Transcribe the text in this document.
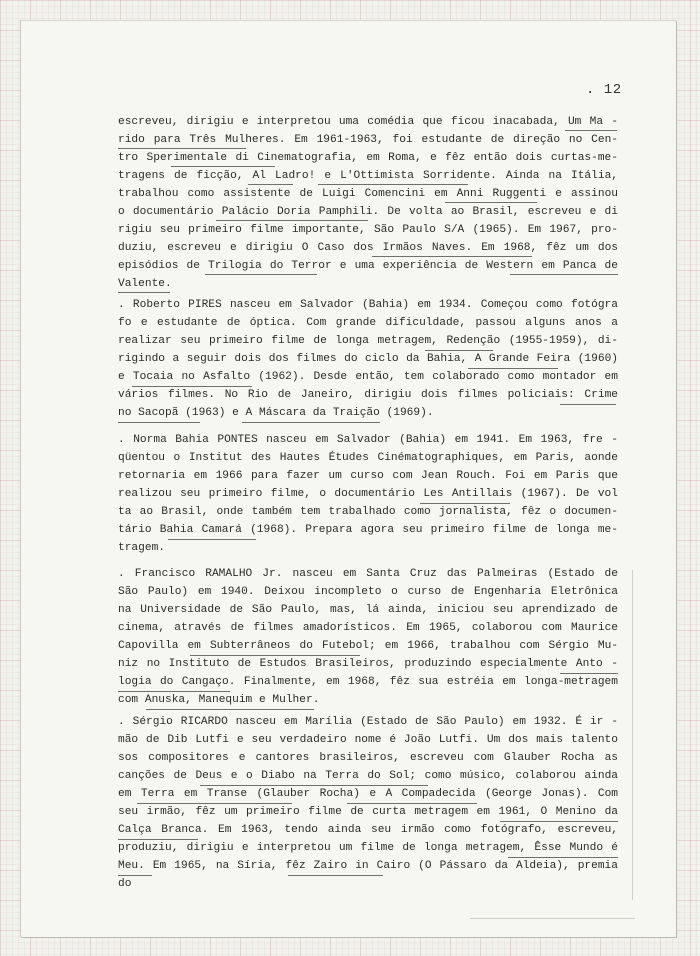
. 12

escreveu, dirigiu e interpretou uma comédia que ficou inacabada, Um Ma -
rido para Três Mulheres. Em 1961-1963, foi estudante de direção no Cen-
tro Sperimentale di Cinematografia, em Roma, e fêz então dois curtas-me-
tragens de ficção, Al Ladro! e L'Ottimista Sorridente. Ainda na Itália,
trabalhou como assistente de Luigi Comencini em Anni Ruggenti e assinou
o documentário Palácio Doria Pamphili. De volta ao Brasil, escreveu e di
rigiu seu primeiro filme importante, São Paulo S/A (1965). Em 1967, pro-
duziu, escreveu e dirigiu O Caso dos Irmãos Naves. Em 1968, fêz um dos
episódios de Trilogia do Terror e uma experiência de Western em Panca de
Valente.
. Roberto PIRES nasceu em Salvador (Bahia) em 1934. Começou como fotógra
fo e estudante de óptica. Com grande dificuldade, passou alguns anos a
realizar seu primeiro filme de longa metragem, Redenção (1955-1959), di-
rigindo a seguir dois dos filmes do ciclo da Bahia, A Grande Feira (1960)
e Tocaia no Asfalto (1962). Desde então, tem colaborado como montador em
vários filmes. No Rio de Janeiro, dirigiu dois filmes policiais: Crime
no Sacopã (1963) e A Máscara da Traição (1969).
. Norma Bahia PONTES nasceu em Salvador (Bahia) em 1941. Em 1963, fre -
qüentou o Institut des Hautes Études Cinématographiques, em Paris, aonde
retornaria em 1966 para fazer um curso com Jean Rouch. Foi em Paris que
realizou seu primeiro filme, o documentário Les Antillais (1967). De vol
ta ao Brasil, onde também tem trabalhado como jornalista, fêz o documen-
tário Bahia Camará (1968). Prepara agora seu primeiro filme de longa me-
tragem.
. Francisco RAMALHO Jr. nasceu em Santa Cruz das Palmeiras (Estado de
São Paulo) em 1940. Deixou incompleto o curso de Engenharia Eletrônica
na Universidade de São Paulo, mas, lá ainda, iniciou seu aprendizado de
cinema, através de filmes amadorísticos. Em 1965, colaborou com Maurice
Capovilla em Subterrâneos do Futebol; em 1966, trabalhou com Sérgio Mu-
niz no Instituto de Estudos Brasileiros, produzindo especialmente Anto -
logia do Cangaço. Finalmente, em 1968, fêz sua estréia em longa-metragem
com Anuska, Manequim e Mulher.
. Sérgio RICARDO nasceu em Marília (Estado de São Paulo) em 1932. É ir -
mão de Dib Lutfi e seu verdadeiro nome é João Lutfi. Um dos mais talento
sos compositores e cantores brasileiros, escreveu com Glauber Rocha as
canções de Deus e o Diabo na Terra do Sol; como músico, colaborou ainda
em Terra em Transe (Glauber Rocha) e A Compadecida (George Jonas). Com
seu irmão, fêz um primeiro filme de curta metragem em 1961, O Menino da
Calça Branca. Em 1963, tendo ainda seu irmão como fotógrafo, escreveu,
produziu, dirigiu e interpretou um filme de longa metragem, Êsse Mundo é
Meu. Em 1965, na Síria, fêz Zairo in Cairo (O Pássaro da Aldeia), premia
do
